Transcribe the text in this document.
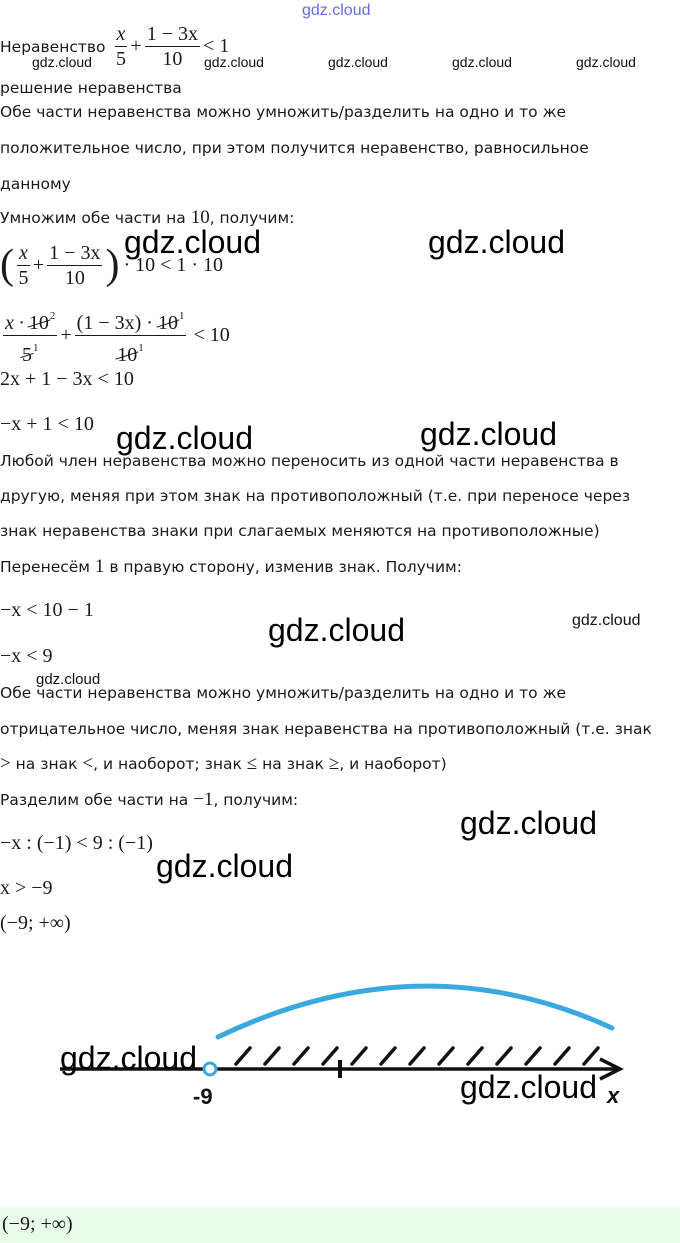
gdz.cloud
Неравенство $\frac{x}{5} + \frac{1 - 3x}{10} < 1$
gdz.cloud	gdz.cloud	gdz.cloud	gdz.cloud	gdz.cloud
решение неравенства
Обе части неравенства можно умножить/разделить на одно и то же
положительное число, при этом получится неравенство, равносильное
данному
Умножим обе части на 10, получим:
( $\frac{x}{5} + \frac{1 - 3x}{10}$ ) · 10 < 1 · 10
$\frac{x \cdot 10^2}{5^1} + \frac{(1 - 3x) \cdot 10^1}{10^1} < 10$
2x + 1 − 3x < 10
−x + 1 < 10
Любой член неравенства можно переносить из одной части неравенства в
другую, меняя при этом знак на противоположный (т.е. при переносе через
знак неравенства знаки при слагаемых меняются на противоположные)
Перенесём 1 в правую сторону, изменив знак. Получим:
−x < 10 − 1
−x < 9
Обе части неравенства можно умножить/разделить на одно и то же
отрицательное число, меняя знак неравенства на противоположный (т.е. знак
> на знак <, и наоборот; знак ≤ на знак ≥, и наоборот)
Разделим обе части на −1, получим:
−x : (−1) < 9 : (−1)
x > −9
(−9; +∞)
-9	x
gdz.cloud	gdz.cloud
gdz.cloud	gdz.cloud
gdz.cloud	gdz.cloud
gdz.cloud
gdz.cloud
gdz.cloud
gdz.cloud
gdz.cloud
(−9; +∞)
